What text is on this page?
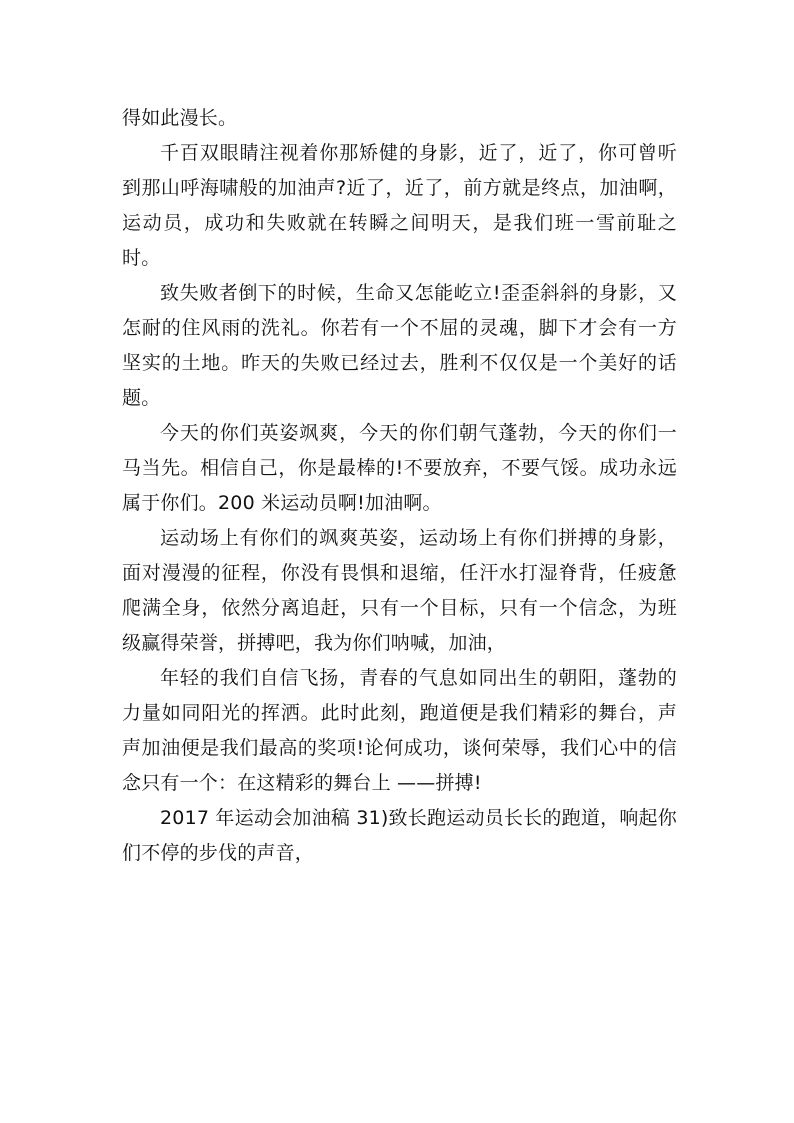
得如此漫长。

千百双眼睛注视着你那矫健的身影，近了，近了，你可曾听到那山呼海啸般的加油声?近了，近了，前方就是终点，加油啊，运动员，成功和失败就在转瞬之间明天，是我们班一雪前耻之时。

致失败者倒下的时候，生命又怎能屹立!歪歪斜斜的身影，又怎耐的住风雨的洗礼。你若有一个不屈的灵魂，脚下才会有一方坚实的土地。昨天的失败已经过去，胜利不仅仅是一个美好的话题。

今天的你们英姿飒爽，今天的你们朝气蓬勃，今天的你们一马当先。相信自己，你是最棒的!不要放弃，不要气馁。成功永远属于你们。200 米运动员啊!加油啊。

运动场上有你们的飒爽英姿，运动场上有你们拼搏的身影，面对漫漫的征程，你没有畏惧和退缩，任汗水打湿脊背，任疲惫爬满全身，依然分离追赶，只有一个目标，只有一个信念，为班级赢得荣誉，拼搏吧，我为你们呐喊，加油，

年轻的我们自信飞扬，青春的气息如同出生的朝阳，蓬勃的力量如同阳光的挥洒。此时此刻，跑道便是我们精彩的舞台，声声加油便是我们最高的奖项!论何成功，谈何荣辱，我们心中的信念只有一个：在这精彩的舞台上 ——拼搏!

2017 年运动会加油稿 31)致长跑运动员长长的跑道，响起你们不停的步伐的声音，
